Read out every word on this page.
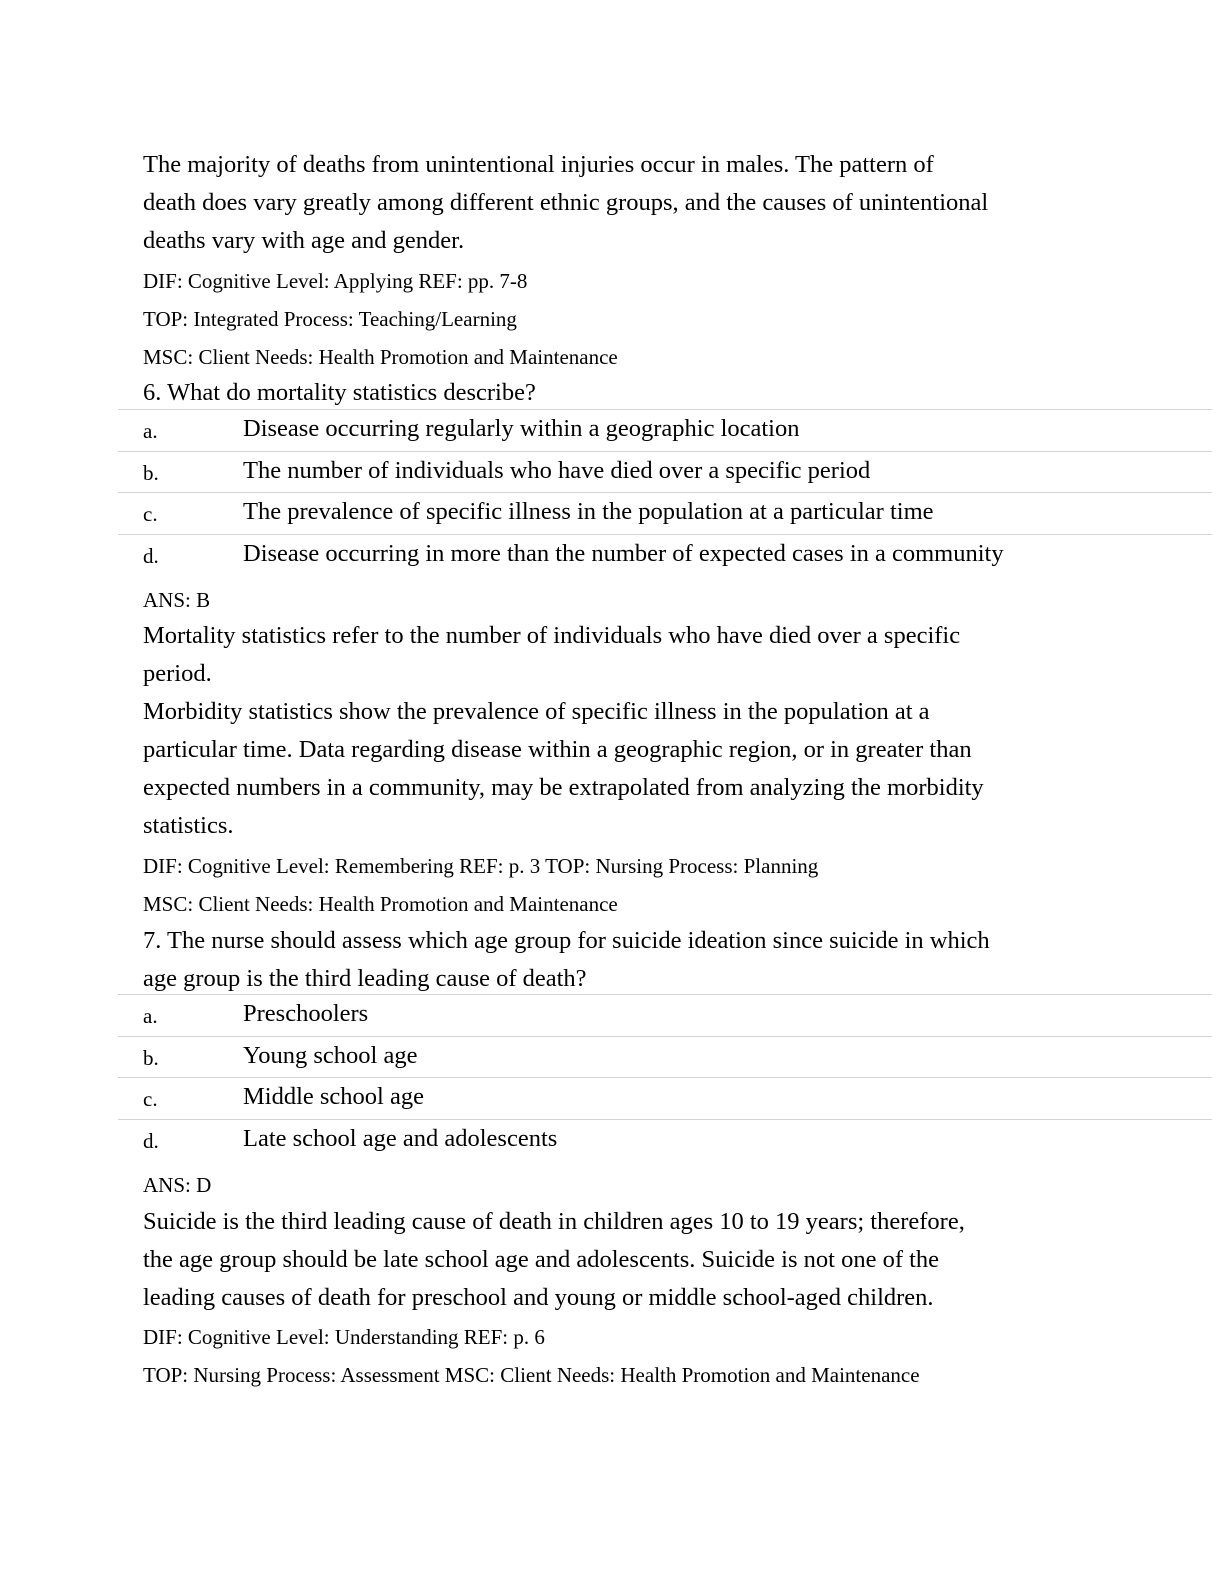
The majority of deaths from unintentional injuries occur in males. The pattern of
death does vary greatly among different ethnic groups, and the causes of unintentional
deaths vary with age and gender.
DIF: Cognitive Level: Applying REF: pp. 7-8
TOP: Integrated Process: Teaching/Learning
MSC: Client Needs: Health Promotion and Maintenance
6. What do mortality statistics describe?
a.	Disease occurring regularly within a geographic location
b.	The number of individuals who have died over a specific period
c.	The prevalence of specific illness in the population at a particular time
d.	Disease occurring in more than the number of expected cases in a community
ANS: B
Mortality statistics refer to the number of individuals who have died over a specific
period.
Morbidity statistics show the prevalence of specific illness in the population at a
particular time. Data regarding disease within a geographic region, or in greater than
expected numbers in a community, may be extrapolated from analyzing the morbidity
statistics.
DIF: Cognitive Level: Remembering REF: p. 3 TOP: Nursing Process: Planning
MSC: Client Needs: Health Promotion and Maintenance
7. The nurse should assess which age group for suicide ideation since suicide in which
age group is the third leading cause of death?
a.	Preschoolers
b.	Young school age
c.	Middle school age
d.	Late school age and adolescents
ANS: D
Suicide is the third leading cause of death in children ages 10 to 19 years; therefore,
the age group should be late school age and adolescents. Suicide is not one of the
leading causes of death for preschool and young or middle school-aged children.
DIF: Cognitive Level: Understanding REF: p. 6
TOP: Nursing Process: Assessment MSC: Client Needs: Health Promotion and Maintenance
